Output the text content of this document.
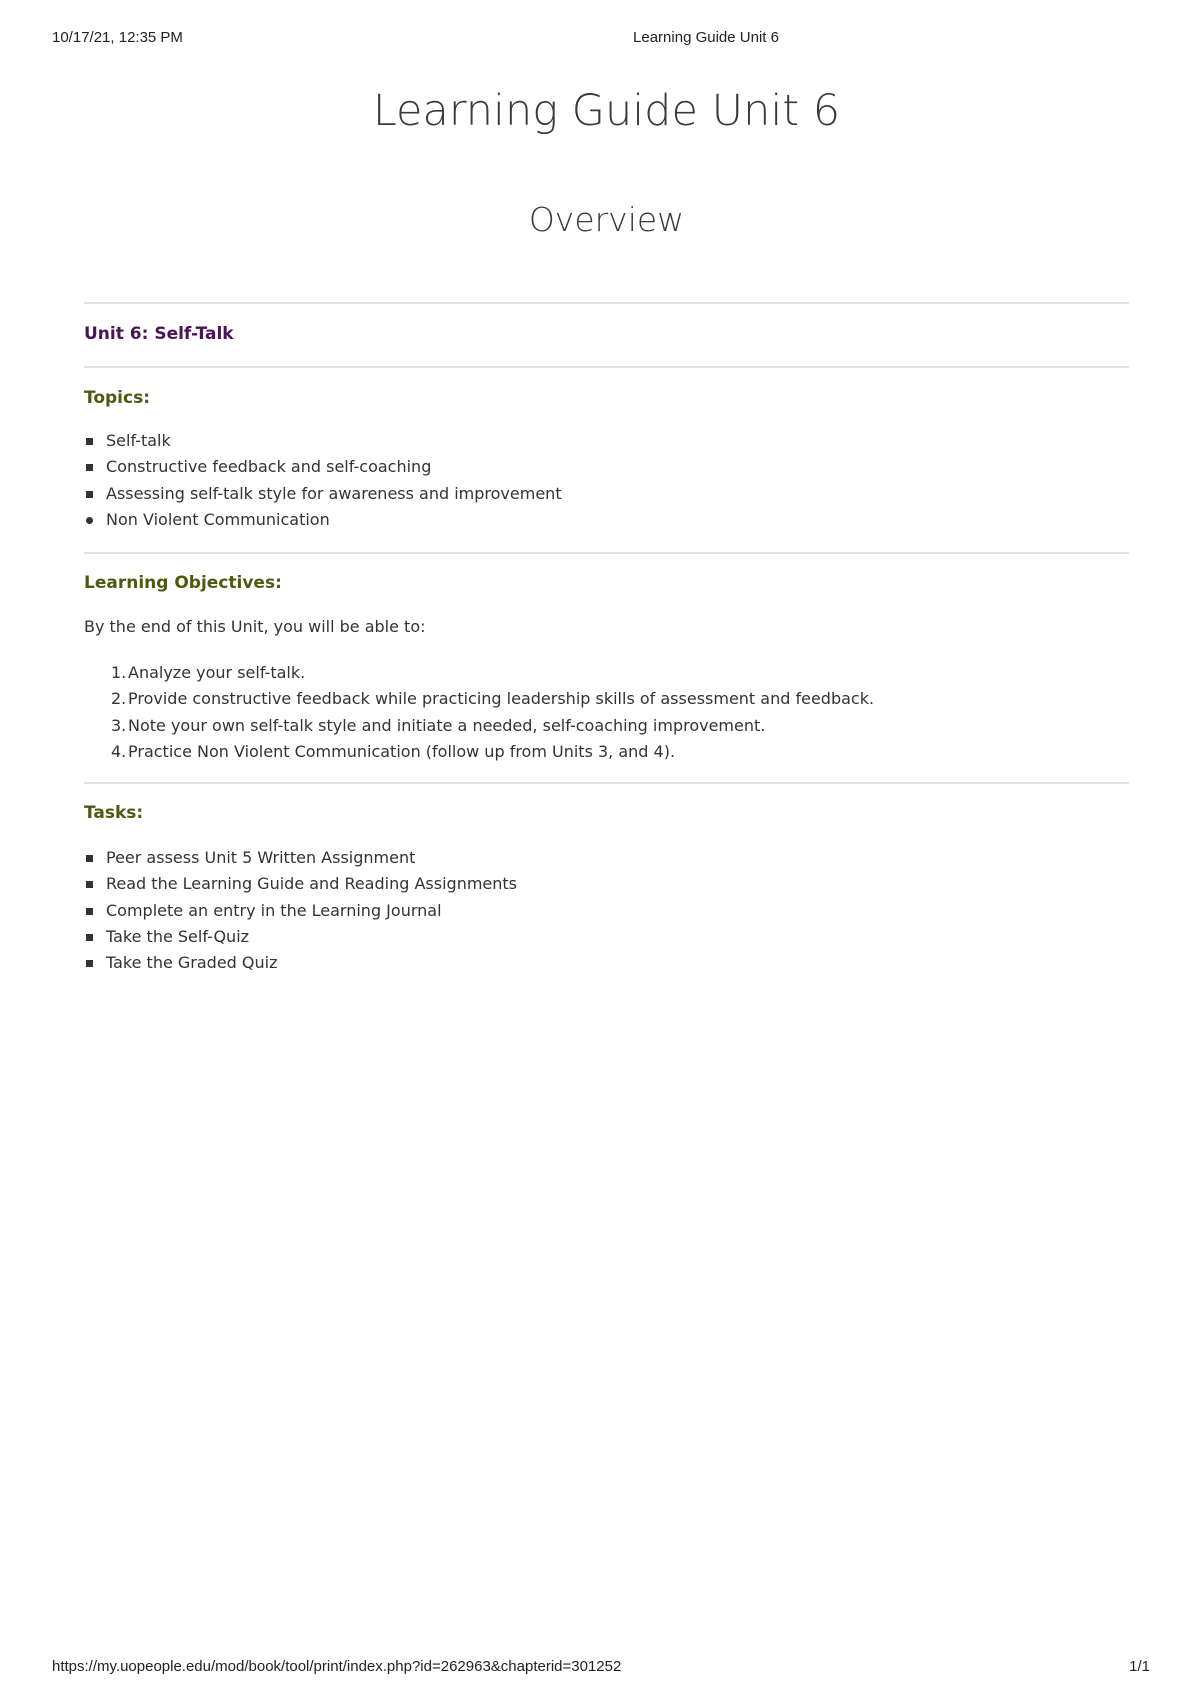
10/17/21, 12:35 PM	Learning Guide Unit 6
Learning Guide Unit 6
Overview

Unit 6: Self-Talk

Topics:

Self-talk
Constructive feedback and self-coaching
Assessing self-talk style for awareness and improvement
Non Violent Communication

Learning Objectives:

By the end of this Unit, you will be able to:

1. Analyze your self-talk.
2. Provide constructive feedback while practicing leadership skills of assessment and feedback.
3. Note your own self-talk style and initiate a needed, self-coaching improvement.
4. Practice Non Violent Communication (follow up from Units 3, and 4).

Tasks:

Peer assess Unit 5 Written Assignment
Read the Learning Guide and Reading Assignments
Complete an entry in the Learning Journal
Take the Self-Quiz
Take the Graded Quiz
https://my.uopeople.edu/mod/book/tool/print/index.php?id=262963&chapterid=301252	1/1
